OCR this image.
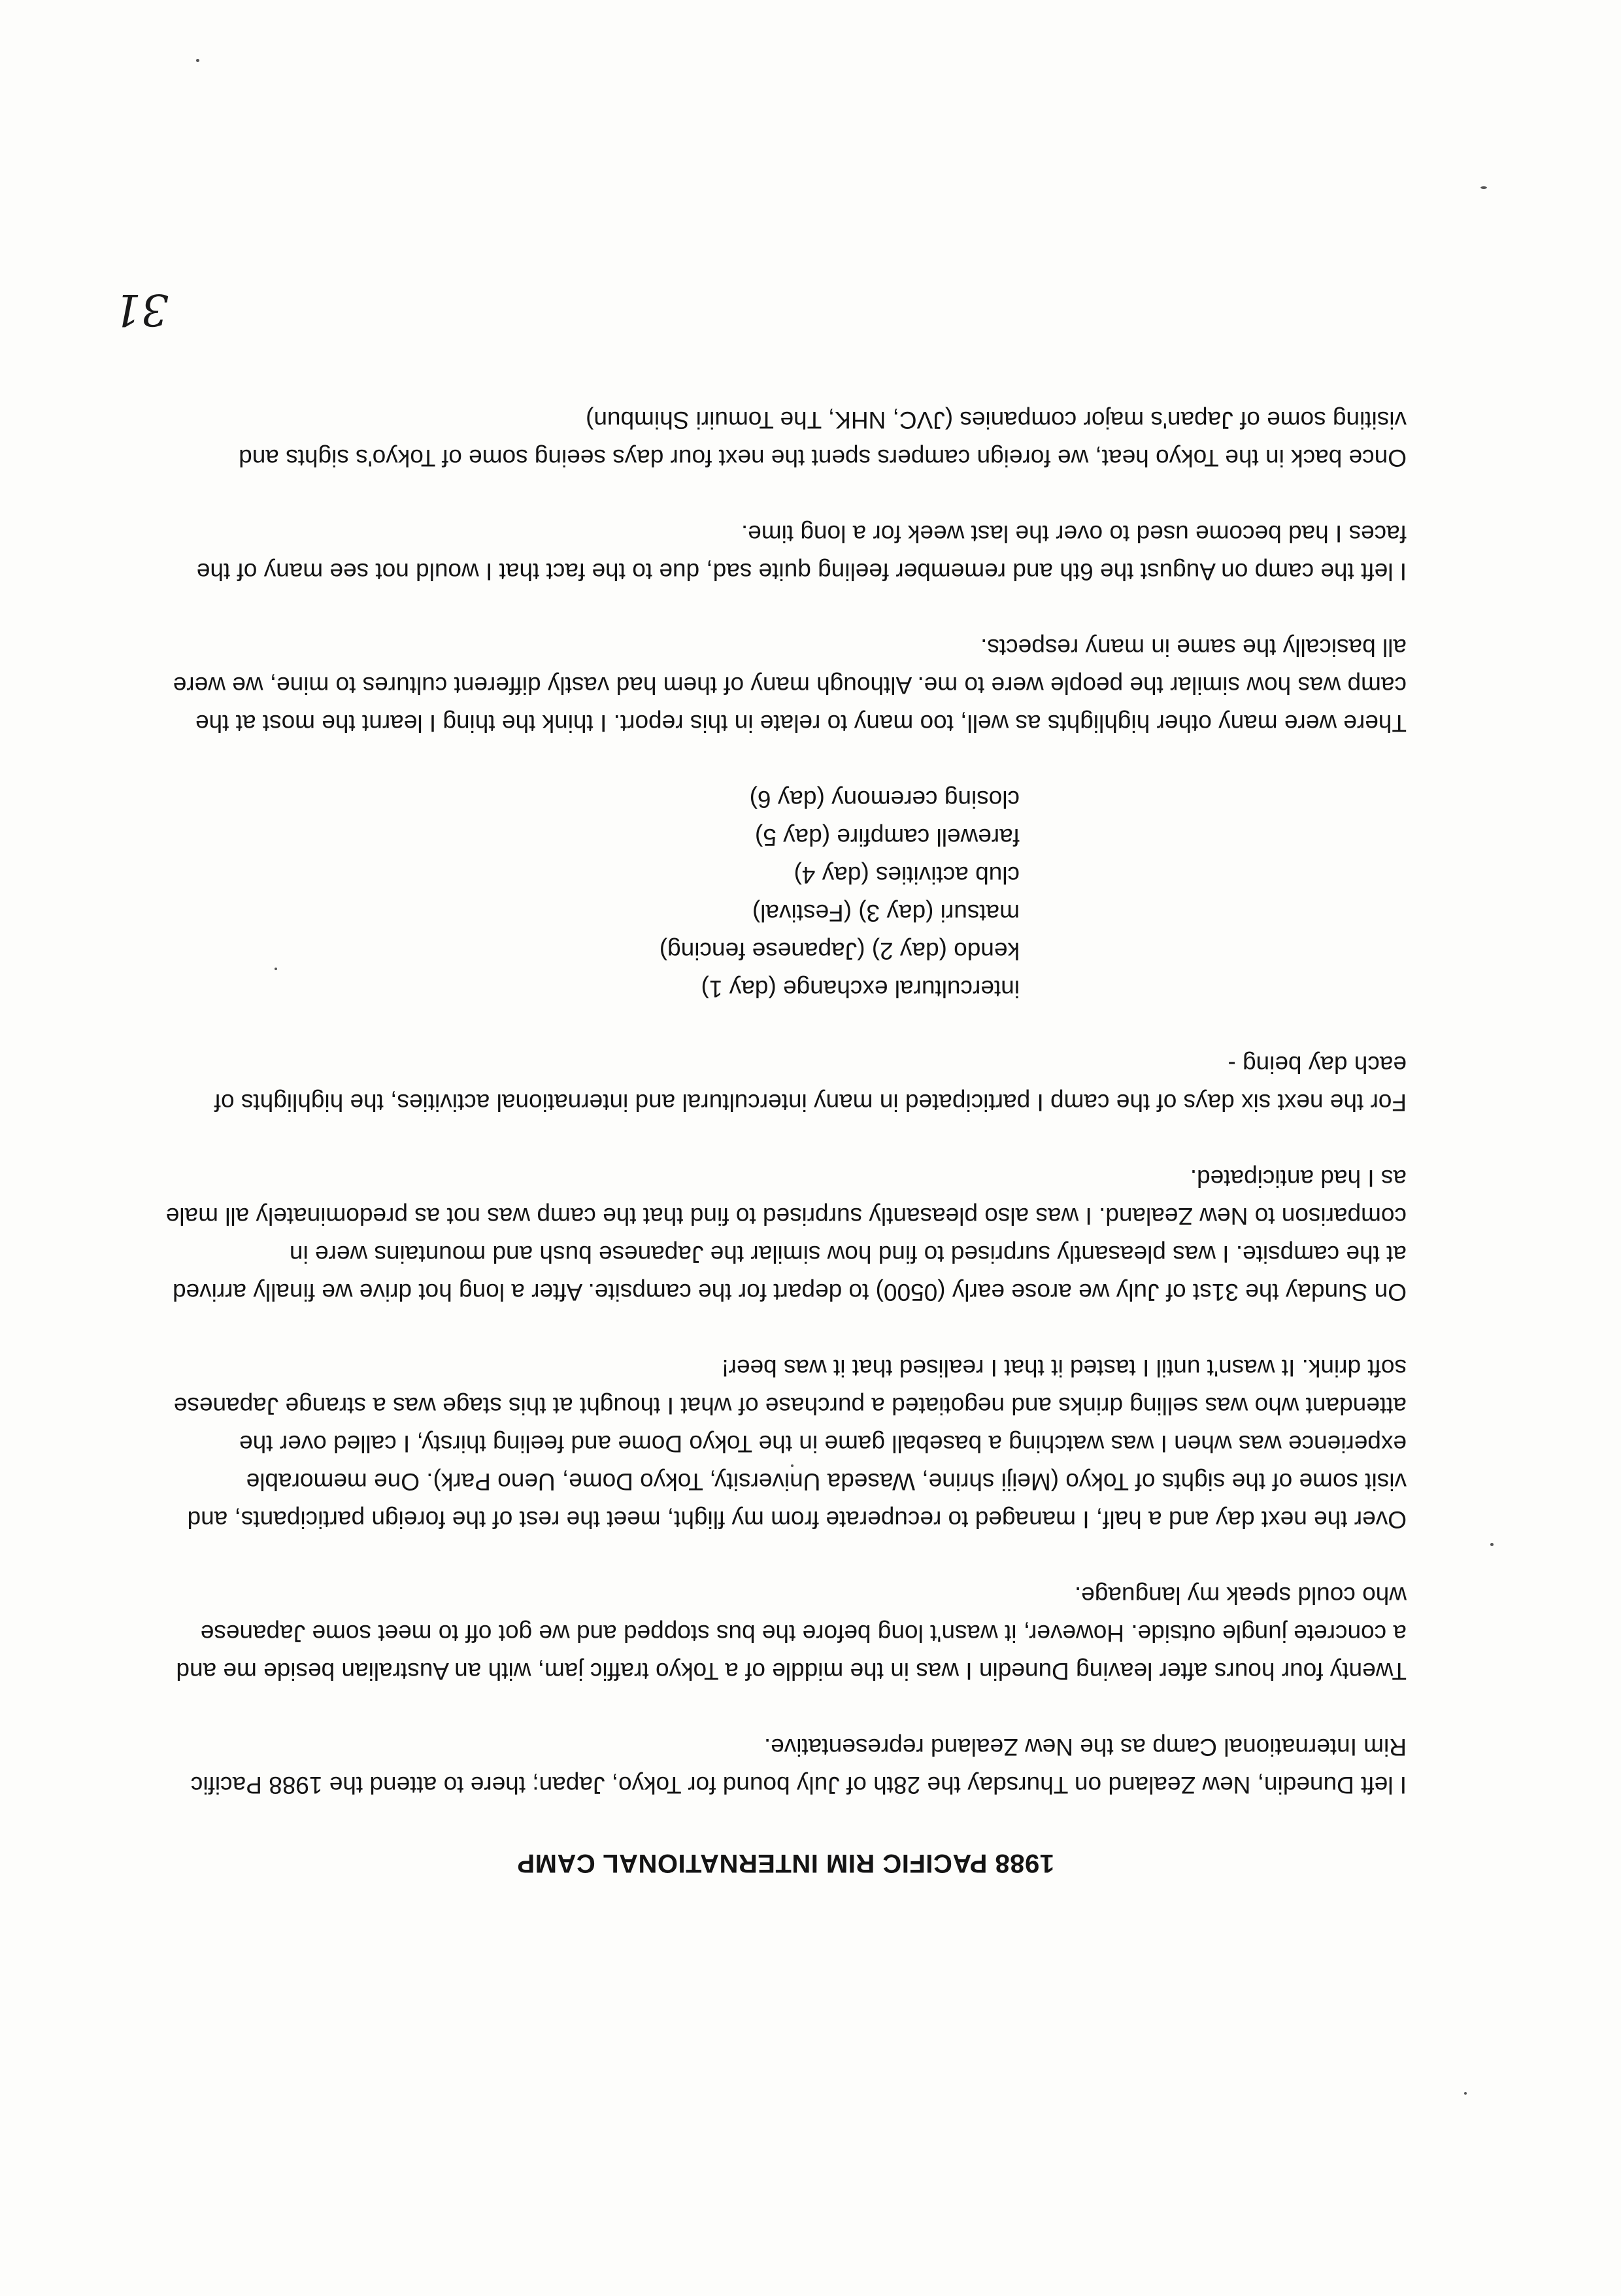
1988 PACIFIC RIM INTERNATIONAL CAMP

I left Dunedin, New Zealand on Thursday the 28th of July bound for Tokyo, Japan; there to attend the 1988 Pacific Rim International Camp as the New Zealand representative.

Twenty four hours after leaving Dunedin I was in the middle of a Tokyo traffic jam, with an Australian beside me and a concrete jungle outside. However, it wasn't long before the bus stopped and we got off to meet some Japanese who could speak my language.

Over the next day and a half, I managed to recuperate from my flight, meet the rest of the foreign participants, and visit some of the sights of Tokyo (Meiji shrine, Waseda University, Tokyo Dome, Ueno Park). One memorable experience was when I was watching a baseball game in the Tokyo Dome and feeling thirsty, I called over the attendant who was selling drinks and negotiated a purchase of what I thought at this stage was a strange Japanese soft drink. It wasn't until I tasted it that I realised that it was beer!

On Sunday the 31st of July we arose early (0500) to depart for the campsite. After a long hot drive we finally arrived at the campsite. I was pleasantly surprised to find how similar the Japanese bush and mountains were in comparison to New Zealand. I was also pleasantly surprised to find that the camp was not as predominately all male as I had anticipated.

For the next six days of the camp I participated in many intercultural and international activities, the highlights of each day being -

intercultural exchange (day 1)
kendo (day 2) (Japanese fencing)
matsuri (day 3) (Festival)
club activities (day 4)
farewell campfire (day 5)
closing ceremony (day 6)

There were many other highlights as well, too many to relate in this report. I think the thing I learnt the most at the camp was how similar the people were to me. Although many of them had vastly different cultures to mine, we were all basically the same in many respects.

I left the camp on August the 6th and remember feeling quite sad, due to the fact that I would not see many of the faces I had become used to over the last week for a long time.

Once back in the Tokyo heat, we foreign campers spent the next four days seeing some of Tokyo's sights and visiting some of Japan's major companies (JVC, NHK, The Tomuiri Shimbun)

31
